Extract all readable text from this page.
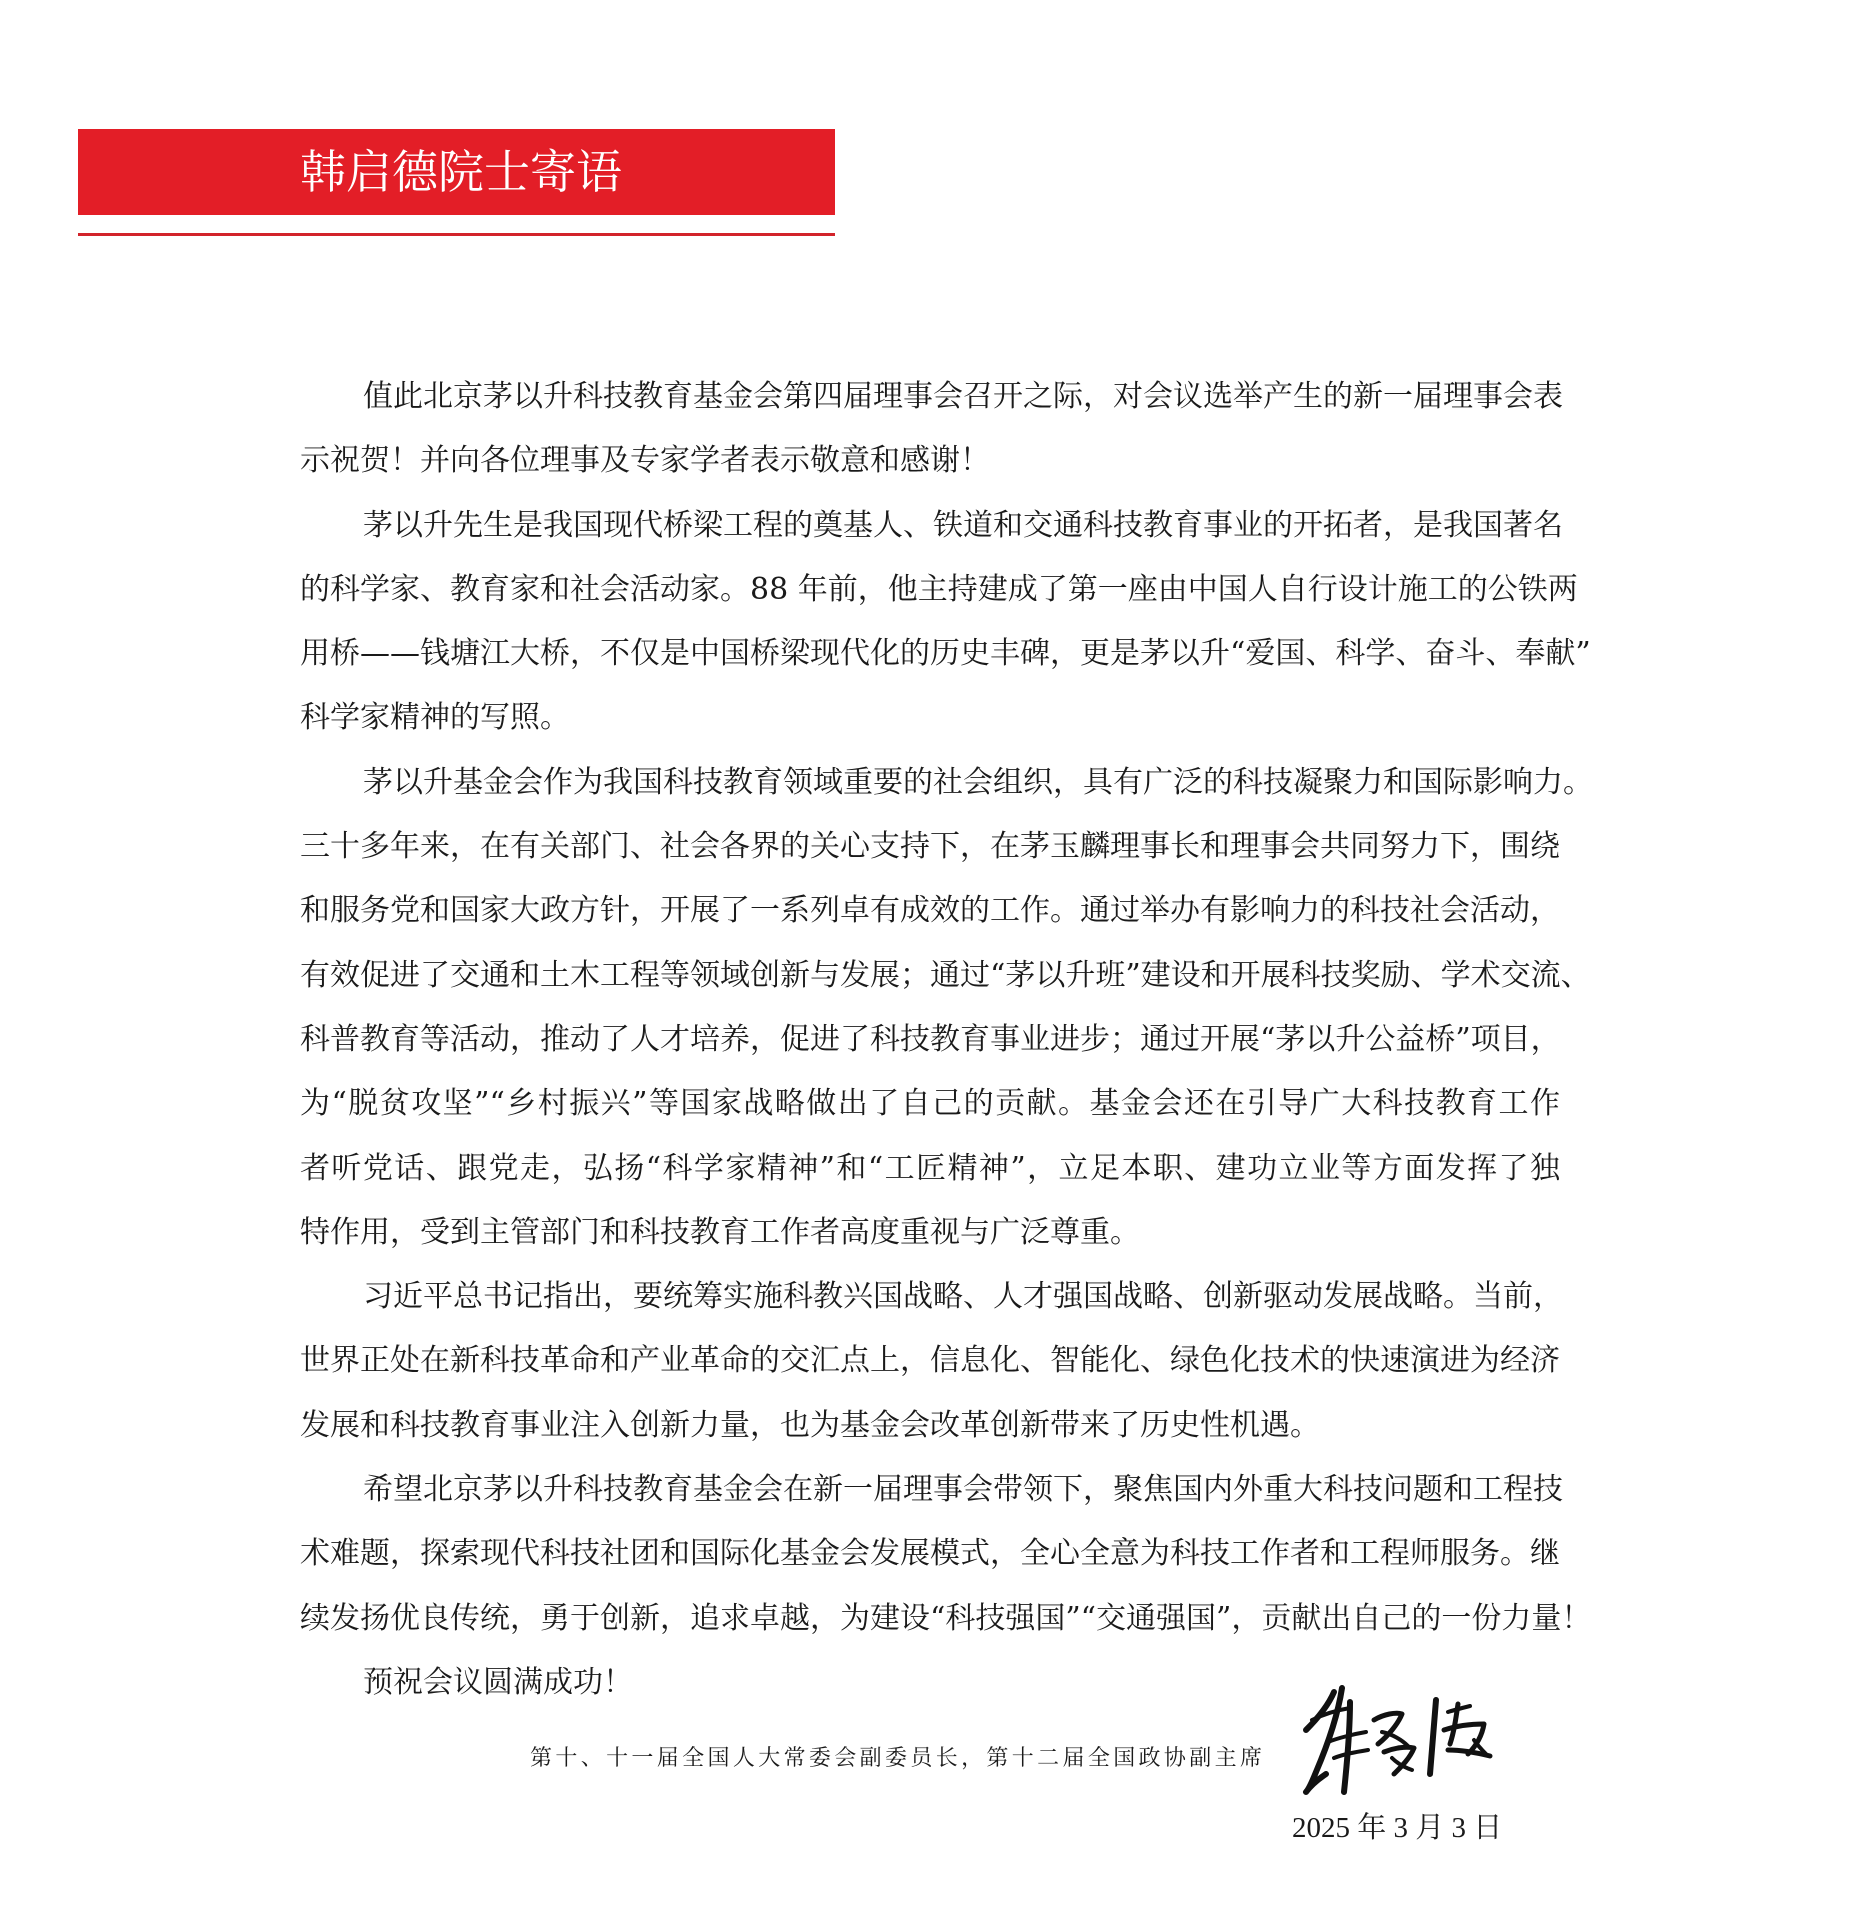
韩启德院士寄语
值此北京茅以升科技教育基金会第四届理事会召开之际，对会议选举产生的新一届理事会表
示祝贺！并向各位理事及专家学者表示敬意和感谢！
茅以升先生是我国现代桥梁工程的奠基人、铁道和交通科技教育事业的开拓者，是我国著名
的科学家、教育家和社会活动家。88 年前，他主持建成了第一座由中国人自行设计施工的公铁两
用桥——钱塘江大桥，不仅是中国桥梁现代化的历史丰碑，更是茅以升“爱国、科学、奋斗、奉献”
科学家精神的写照。
茅以升基金会作为我国科技教育领域重要的社会组织，具有广泛的科技凝聚力和国际影响力。
三十多年来，在有关部门、社会各界的关心支持下，在茅玉麟理事长和理事会共同努力下，围绕
和服务党和国家大政方针，开展了一系列卓有成效的工作。通过举办有影响力的科技社会活动，
有效促进了交通和土木工程等领域创新与发展；通过“茅以升班”建设和开展科技奖励、学术交流、
科普教育等活动，推动了人才培养，促进了科技教育事业进步；通过开展“茅以升公益桥”项目，
为“脱贫攻坚”“乡村振兴”等国家战略做出了自己的贡献。基金会还在引导广大科技教育工作
者听党话、跟党走，弘扬“科学家精神”和“工匠精神”，立足本职、建功立业等方面发挥了独
特作用，受到主管部门和科技教育工作者高度重视与广泛尊重。
习近平总书记指出，要统筹实施科教兴国战略、人才强国战略、创新驱动发展战略。当前，
世界正处在新科技革命和产业革命的交汇点上，信息化、智能化、绿色化技术的快速演进为经济
发展和科技教育事业注入创新力量，也为基金会改革创新带来了历史性机遇。
希望北京茅以升科技教育基金会在新一届理事会带领下，聚焦国内外重大科技问题和工程技
术难题，探索现代科技社团和国际化基金会发展模式，全心全意为科技工作者和工程师服务。继
续发扬优良传统，勇于创新，追求卓越，为建设“科技强国”“交通强国”，贡献出自己的一份力量！
预祝会议圆满成功！
第十、十一届全国人大常委会副委员长，第十二届全国政协副主席
2025 年 3 月 3 日
